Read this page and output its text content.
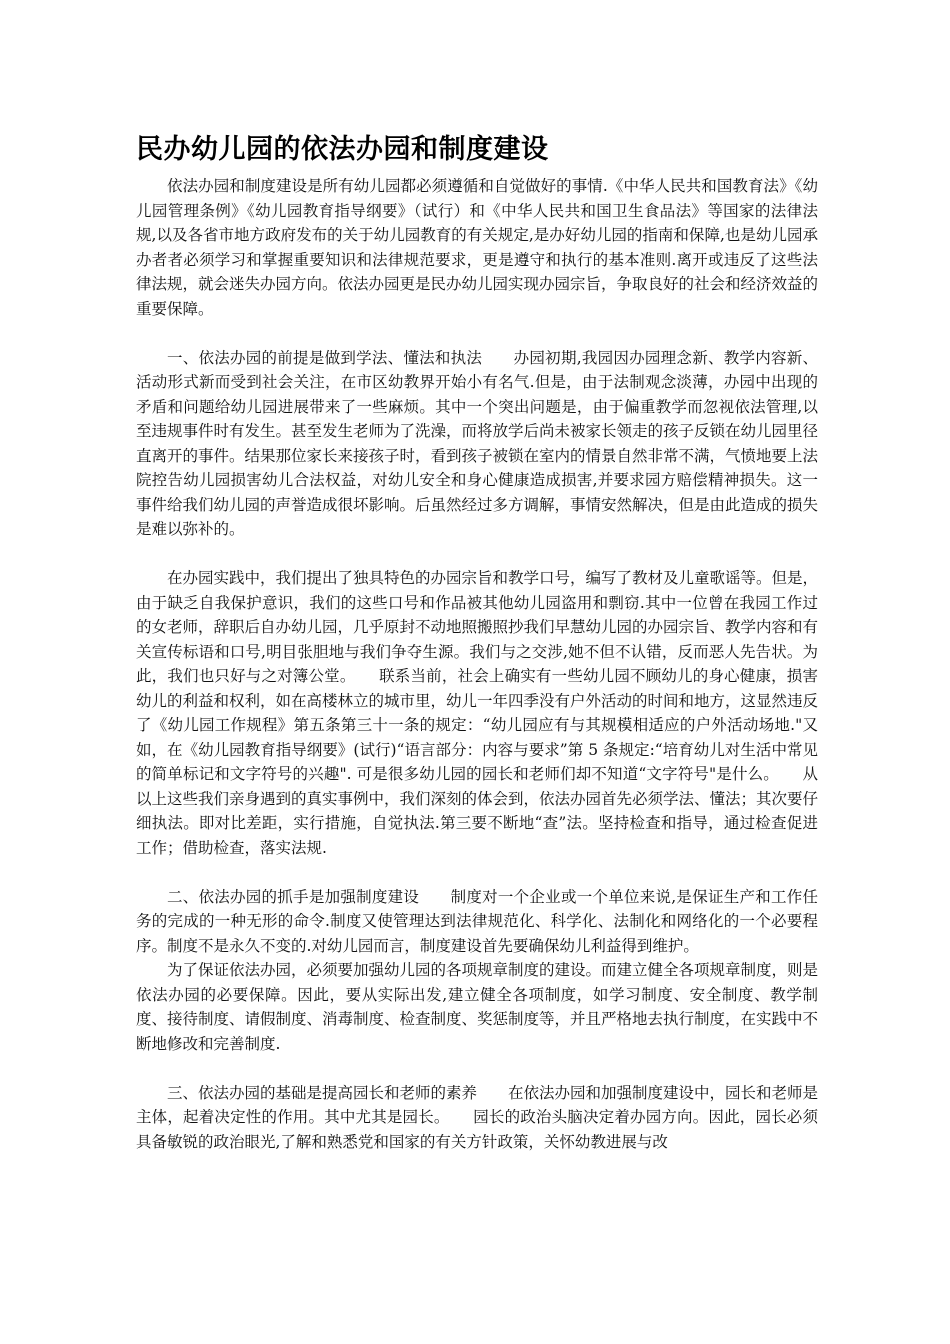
民办幼儿园的依法办园和制度建设

依法办园和制度建设是所有幼儿园都必须遵循和自觉做好的事情.《中华人民共和国教育法》《幼儿园管理条例》《幼儿园教育指导纲要》（试行）和《中华人民共和国卫生食品法》等国家的法律法规,以及各省市地方政府发布的关于幼儿园教育的有关规定,是办好幼儿园的指南和保障,也是幼儿园承办者者必须学习和掌握重要知识和法律规范要求，更是遵守和执行的基本准则.离开或违反了这些法律法规，就会迷失办园方向。依法办园更是民办幼儿园实现办园宗旨，争取良好的社会和经济效益的重要保障。

一、依法办园的前提是做到学法、懂法和执法　　办园初期,我园因办园理念新、教学内容新、活动形式新而受到社会关注，在市区幼教界开始小有名气.但是，由于法制观念淡薄，办园中出现的矛盾和问题给幼儿园进展带来了一些麻烦。其中一个突出问题是，由于偏重教学而忽视依法管理,以至违规事件时有发生。甚至发生老师为了洗澡，而将放学后尚未被家长领走的孩子反锁在幼儿园里径直离开的事件。结果那位家长来接孩子时，看到孩子被锁在室内的情景自然非常不满，气愤地要上法院控告幼儿园损害幼儿合法权益，对幼儿安全和身心健康造成损害,并要求园方赔偿精神损失。这一事件给我们幼儿园的声誉造成很坏影响。后虽然经过多方调解，事情安然解决，但是由此造成的损失是难以弥补的。

在办园实践中，我们提出了独具特色的办园宗旨和教学口号，编写了教材及儿童歌谣等。但是，由于缺乏自我保护意识，我们的这些口号和作品被其他幼儿园盗用和剽窃.其中一位曾在我园工作过的女老师，辞职后自办幼儿园，几乎原封不动地照搬照抄我们早慧幼儿园的办园宗旨、教学内容和有关宣传标语和口号,明目张胆地与我们争夺生源。我们与之交涉,她不但不认错，反而恶人先告状。为此，我们也只好与之对簿公堂。　　联系当前，社会上确实有一些幼儿园不顾幼儿的身心健康，损害幼儿的利益和权利，如在高楼林立的城市里，幼儿一年四季没有户外活动的时间和地方，这显然违反了《幼儿园工作规程》第五条第三十一条的规定：“幼儿园应有与其规模相适应的户外活动场地."又如，在《幼儿园教育指导纲要》(试行)“语言部分：内容与要求”第 5 条规定:“培育幼儿对生活中常见的简单标记和文字符号的兴趣". 可是很多幼儿园的园长和老师们却不知道“文字符号"是什么。　　从以上这些我们亲身遇到的真实事例中，我们深刻的体会到，依法办园首先必须学法、懂法；其次要仔细执法。即对比差距，实行措施，自觉执法.第三要不断地“查”法。坚持检查和指导，通过检查促进工作；借助检查，落实法规.

二、依法办园的抓手是加强制度建设　　制度对一个企业或一个单位来说,是保证生产和工作任务的完成的一种无形的命令.制度又使管理达到法律规范化、科学化、法制化和网络化的一个必要程序。制度不是永久不变的.对幼儿园而言，制度建设首先要确保幼儿利益得到维护。

为了保证依法办园，必须要加强幼儿园的各项规章制度的建设。而建立健全各项规章制度，则是依法办园的必要保障。因此，要从实际出发,建立健全各项制度，如学习制度、安全制度、教学制度、接待制度、请假制度、消毒制度、检查制度、奖惩制度等，并且严格地去执行制度，在实践中不断地修改和完善制度.

三、依法办园的基础是提高园长和老师的素养　　在依法办园和加强制度建设中，园长和老师是主体，起着决定性的作用。其中尤其是园长。　　园长的政治头脑决定着办园方向。因此，园长必须具备敏锐的政治眼光,了解和熟悉党和国家的有关方针政策，关怀幼教进展与改
